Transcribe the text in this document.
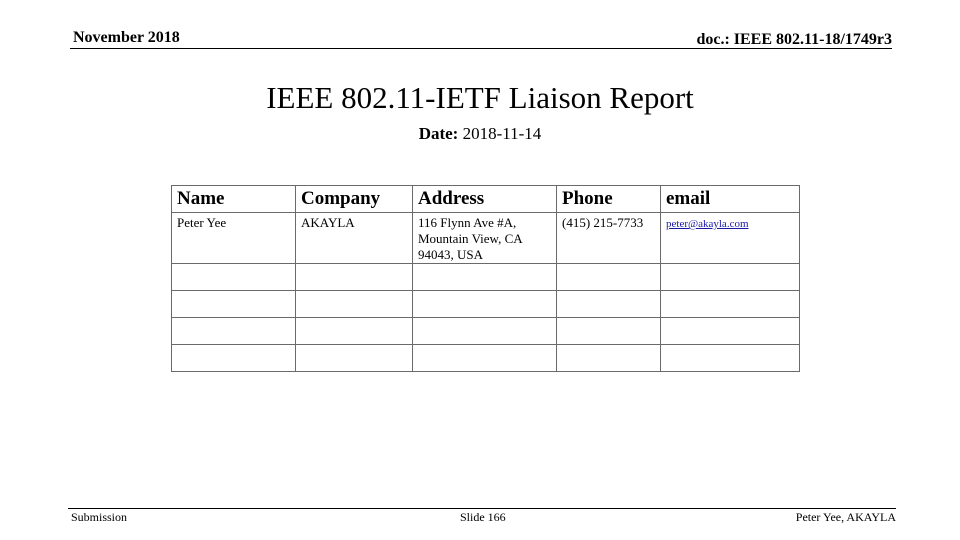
November 2018	doc.: IEEE 802.11-18/1749r3
IEEE 802.11-IETF Liaison Report
Date: 2018-11-14
Name	Company	Address	Phone	email
Peter Yee	AKAYLA	116 Flynn Ave #A, Mountain View, CA 94043, USA	(415) 215-7733	peter@akayla.com

Submission	Slide 166	Peter Yee, AKAYLA
